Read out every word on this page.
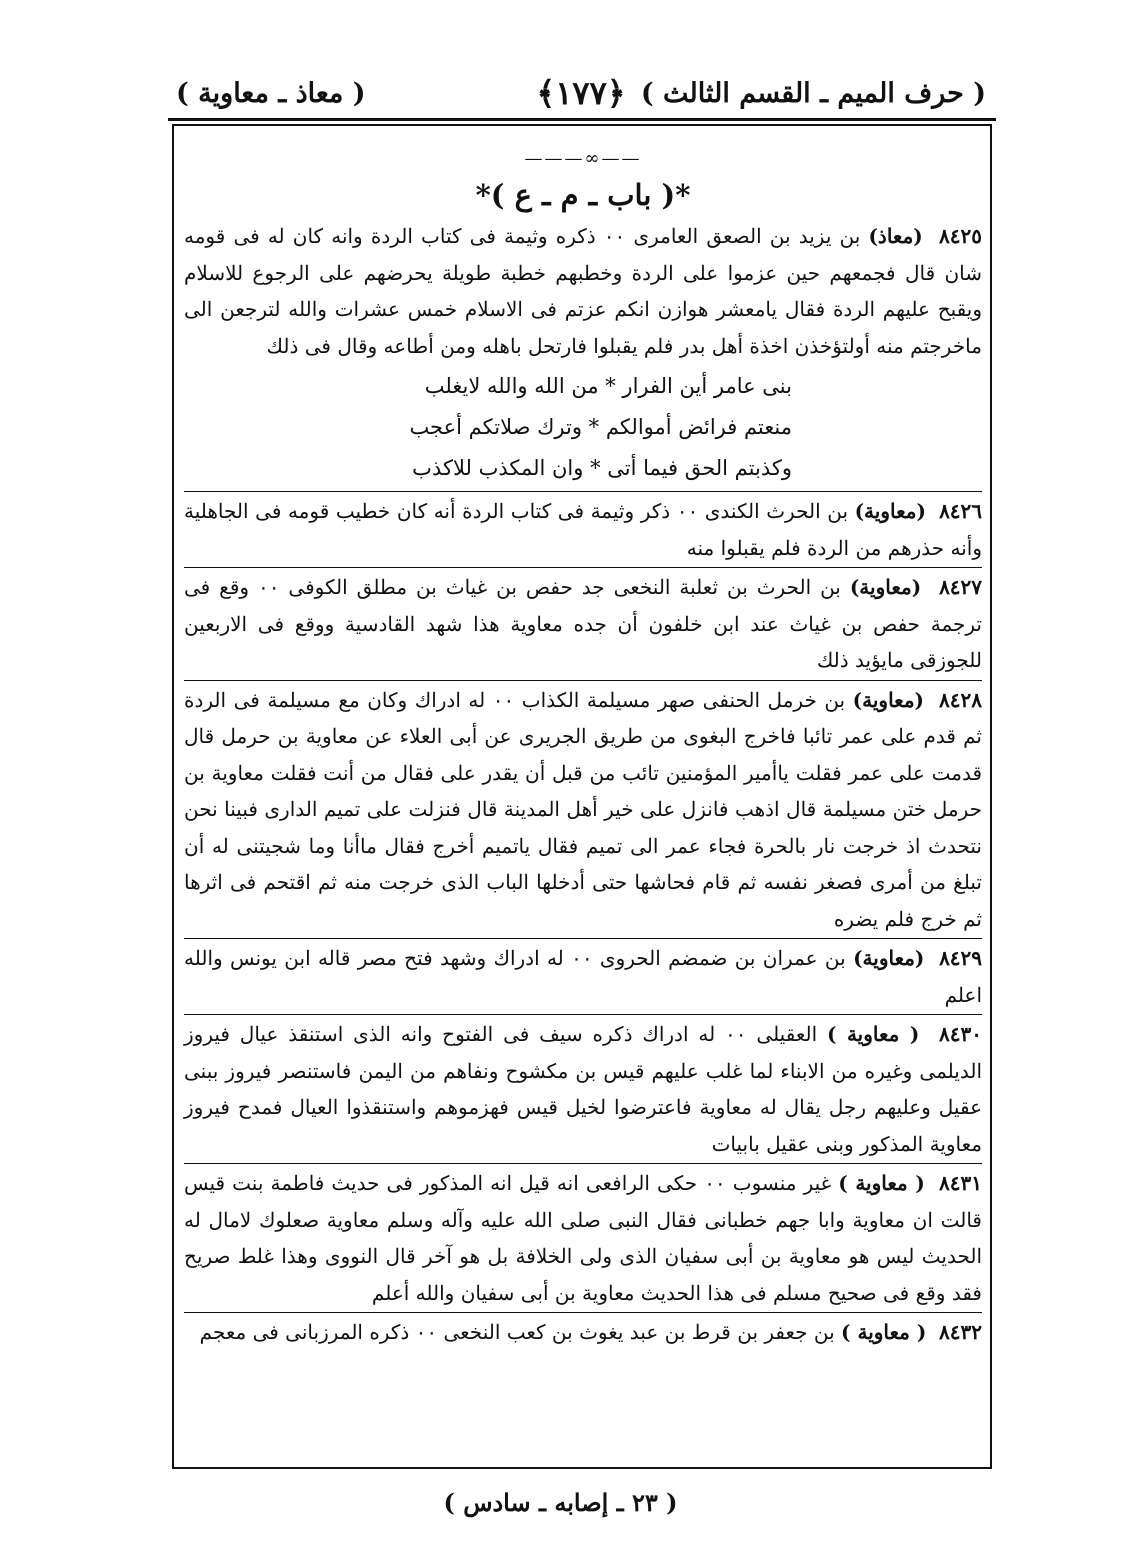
( حرف الميم ـ القسم الثالث )
﴿١٧٧﴾
( معاذ ـ معاوية )
——∞———
*( باب ـ م ـ ع )*
٨٤٢٥  (معاذ) بن يزيد بن الصعق العامرى ٠٠ ذكره وثيمة فى كتاب الردة وانه كان له فى قومه شان قال فجمعهم حين عزموا على الردة وخطبهم خطبة طويلة يحرضهم على الرجوع للاسلام ويقبح عليهم الردة فقال يامعشر هوازن انكم عزتم فى الاسلام خمس عشرات والله لترجعن الى ماخرجتم منه أولتؤخذن اخذة أهل بدر فلم يقبلوا فارتحل باهله ومن أطاعه وقال فى ذلك
بنى عامر أين الفرار * من الله والله لايغلب
منعتم فرائض أموالكم * وترك صلاتكم أعجب
وكذبتم الحق فيما أتى * وان المكذب للاكذب
٨٤٢٦  (معاوية) بن الحرث الكندى ٠٠ ذكر وثيمة فى كتاب الردة أنه كان خطيب قومه فى الجاهلية وأنه حذرهم من الردة فلم يقبلوا منه
٨٤٢٧  (معاوية) بن الحرث بن ثعلبة النخعى جد حفص بن غياث بن مطلق الكوفى ٠٠ وقع فى ترجمة حفص بن غياث عند ابن خلفون أن جده معاوية هذا شهد القادسية ووقع فى الاربعين للجوزقى مايؤيد ذلك
٨٤٢٨  (معاوية) بن خرمل الحنفى صهر مسيلمة الكذاب ٠٠ له ادراك وكان مع مسيلمة فى الردة ثم قدم على عمر تائبا فاخرج البغوى من طريق الجريرى عن أبى العلاء عن معاوية بن حرمل قال قدمت على عمر فقلت ياأمير المؤمنين تائب من قبل أن يقدر على فقال من أنت فقلت معاوية بن حرمل ختن مسيلمة قال اذهب فانزل على خير أهل المدينة قال فنزلت على تميم الدارى فبينا نحن نتحدث اذ خرجت نار بالحرة فجاء عمر الى تميم فقال ياتميم أخرج فقال ماأنا وما شجيتنى له أن تبلغ من أمرى فصغر نفسه ثم قام فحاشها حتى أدخلها الباب الذى خرجت منه ثم اقتحم فى اثرها ثم خرج فلم يضره
٨٤٢٩  (معاوية) بن عمران بن ضمضم الحروى ٠٠ له ادراك وشهد فتح مصر قاله ابن يونس والله اعلم
٨٤٣٠  ( معاوية ) العقيلى ٠٠ له ادراك ذكره سيف فى الفتوح وانه الذى استنقذ عيال فيروز الديلمى وغيره من الابناء لما غلب عليهم قيس بن مكشوح ونفاهم من اليمن فاستنصر فيروز ببنى عقيل وعليهم رجل يقال له معاوية فاعترضوا لخيل قيس فهزموهم واستنقذوا العيال فمدح فيروز معاوية المذكور وبنى عقيل بابيات
٨٤٣١  ( معاوية ) غير منسوب ٠٠ حكى الرافعى انه قيل انه المذكور فى حديث فاطمة بنت قيس قالت ان معاوية وابا جهم خطبانى فقال النبى صلى الله عليه وآله وسلم معاوية صعلوك لامال له الحديث ليس هو معاوية بن أبى سفيان الذى ولى الخلافة بل هو آخر قال النووى وهذا غلط صريح فقد وقع فى صحيح مسلم فى هذا الحديث معاوية بن أبى سفيان والله أعلم
٨٤٣٢  ( معاوية ) بن جعفر بن قرط بن عبد يغوث بن كعب النخعى ٠٠ ذكره المرزبانى فى معجم
( ٢٣ ـ إصابه ـ سادس )
